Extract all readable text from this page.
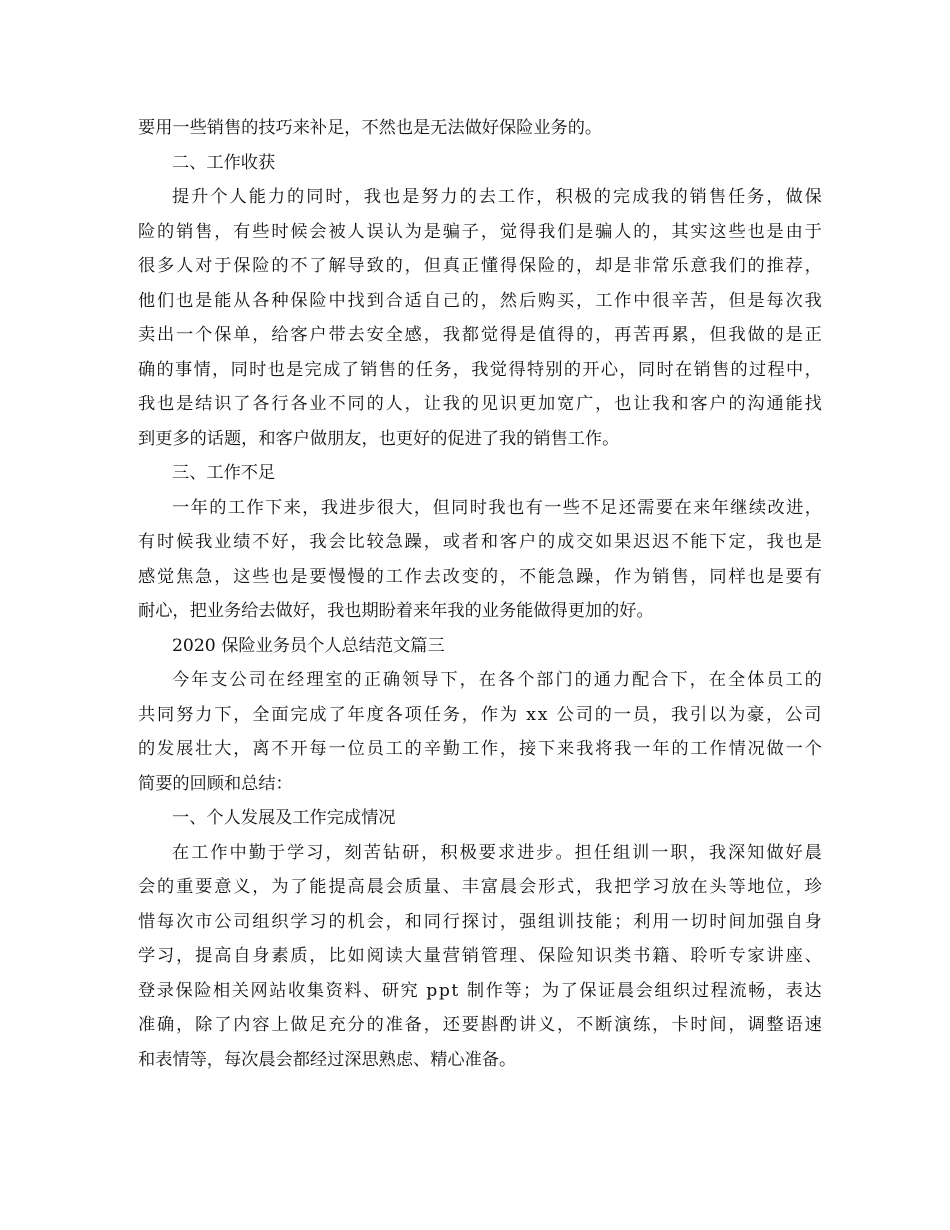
要用一些销售的技巧来补足，不然也是无法做好保险业务的。
二、工作收获
提 升 个 人 能 力 的 同 时 ， 我 也 是 努 力 的 去 工 作 ， 积 极 的 完 成 我 的 销 售 任 务 ， 做 保
险 的 销 售 ， 有 些 时 候 会 被 人 误 认 为 是 骗 子 ， 觉 得 我 们 是 骗 人 的 ， 其 实 这 些 也 是 由 于
很 多 人 对 于 保 险 的 不 了 解 导 致 的 ， 但 真 正 懂 得 保 险 的 ， 却 是 非 常 乐 意 我 们 的 推 荐 ，
他 们 也 是 能 从 各 种 保 险 中 找 到 合 适 自 己 的 ， 然 后 购 买 ， 工 作 中 很 辛 苦 ， 但 是 每 次 我
卖 出 一 个 保 单 ， 给 客 户 带 去 安 全 感 ， 我 都 觉 得 是 值 得 的 ， 再 苦 再 累 ， 但 我 做 的 是 正
确 的 事 情 ， 同 时 也 是 完 成 了 销 售 的 任 务 ， 我 觉 得 特 别 的 开 心 ， 同 时 在 销 售 的 过 程 中 ，
我 也 是 结 识 了 各 行 各 业 不 同 的 人 ， 让 我 的 见 识 更 加 宽 广 ， 也 让 我 和 客 户 的 沟 通 能 找
到更多的话题，和客户做朋友，也更好的促进了我的销售工作。
三、工作不足
一 年 的 工 作 下 来 ， 我 进 步 很 大 ， 但 同 时 我 也 有 一 些 不 足 还 需 要 在 来 年 继 续 改 进 ，
有 时 候 我 业 绩 不 好 ， 我 会 比 较 急 躁 ， 或 者 和 客 户 的 成 交 如 果 迟 迟 不 能 下 定 ， 我 也 是
感 觉 焦 急 ， 这 些 也 是 要 慢 慢 的 工 作 去 改 变 的 ， 不 能 急 躁 ， 作 为 销 售 ， 同 样 也 是 要 有
耐心，把业务给去做好，我也期盼着来年我的业务能做得更加的好。
2020 保险业务员个人总结范文篇三
今 年 支 公 司 在 经 理 室 的 正 确 领 导 下 ， 在 各 个 部 门 的 通 力 配 合 下 ， 在 全 体 员 工 的
共 同 努 力 下 ， 全 面 完 成 了 年 度 各 项 任 务 ， 作 为
x x
公 司 的 一 员 ， 我 引 以 为 豪 ， 公 司
的 发 展 壮 大 ， 离 不 开 每 一 位 员 工 的 辛 勤 工 作 ， 接 下 来 我 将 我 一 年 的 工 作 情 况 做 一 个
简要的回顾和总结：
一、个人发展及工作完成情况
在 工 作 中 勤 于 学 习 ， 刻 苦 钻 研 ， 积 极 要 求 进 步 。 担 任 组 训 一 职 ， 我 深 知 做 好 晨
会 的 重 要 意 义 ， 为 了 能 提 高 晨 会 质 量 、 丰 富 晨 会 形 式 ， 我 把 学 习 放 在 头 等 地 位 ， 珍
惜 每 次 市 公 司 组 织 学 习 的 机 会 ， 和 同 行 探 讨 ， 强 组 训 技 能 ； 利 用 一 切 时 间 加 强 自 身
学 习 ， 提 高 自 身 素 质 ， 比 如 阅 读 大 量 营 销 管 理 、 保 险 知 识 类 书 籍 、 聆 听 专 家 讲 座 、
登 录 保 险 相 关 网 站 收 集 资 料 、 研 究
p p t
制 作 等 ； 为 了 保 证 晨 会 组 织 过 程 流 畅 ， 表 达
准 确 ， 除 了 内 容 上 做 足 充 分 的 准 备 ， 还 要 斟 酌 讲 义 ， 不 断 演 练 ， 卡 时 间 ， 调 整 语 速
和表情等，每次晨会都经过深思熟虑、精心准备。
